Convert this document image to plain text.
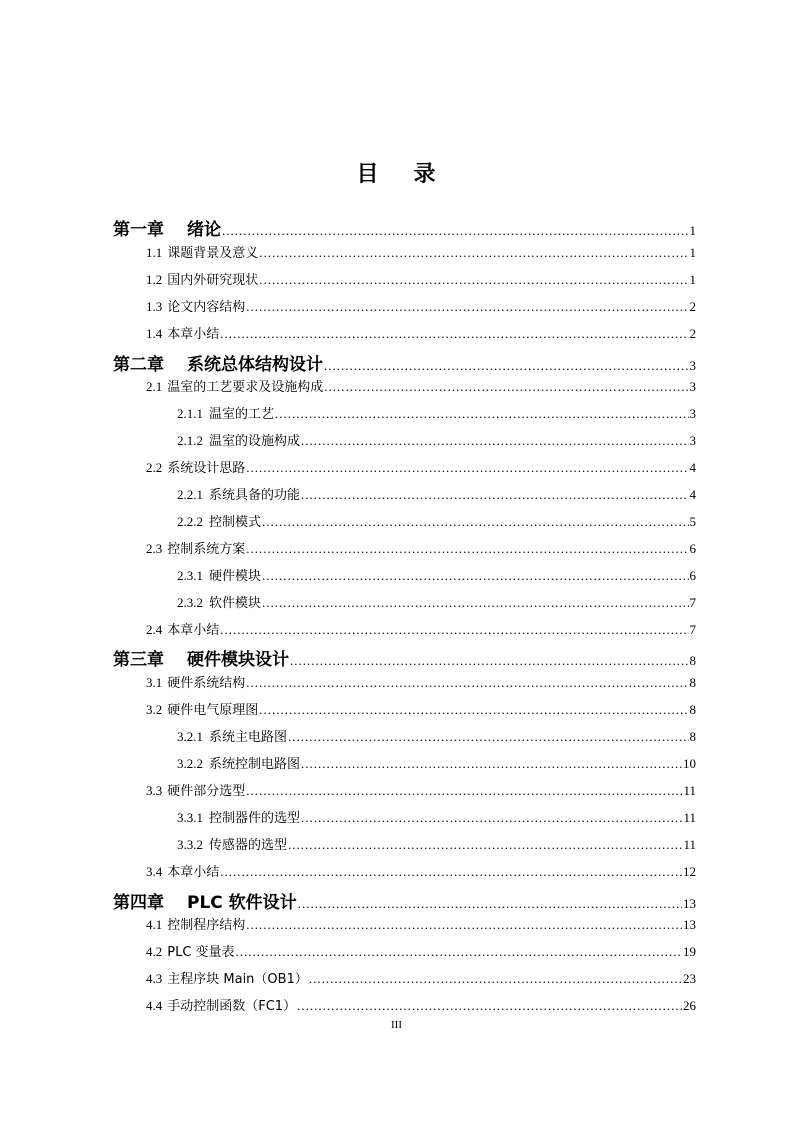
目 录
第一章	绪论 .....	1
1.1 课题背景及意义 .....	1
1.2 国内外研究现状 .....	1
1.3 论文内容结构 .....	2
1.4 本章小结 .....	2
第二章	系统总体结构设计 .....	3
2.1 温室的工艺要求及设施构成 .....	3
2.1.1 温室的工艺 .....	3
2.1.2 温室的设施构成 .....	3
2.2 系统设计思路 .....	4
2.2.1 系统具备的功能 .....	4
2.2.2 控制模式 .....	5
2.3 控制系统方案 .....	6
2.3.1 硬件模块 .....	6
2.3.2 软件模块 .....	7
2.4 本章小结 .....	7
第三章	硬件模块设计 .....	8
3.1 硬件系统结构 .....	8
3.2 硬件电气原理图 .....	8
3.2.1 系统主电路图 .....	8
3.2.2 系统控制电路图 .....	10
3.3 硬件部分选型 .....	11
3.3.1 控制器件的选型 .....	11
3.3.2 传感器的选型 .....	11
3.4 本章小结 .....	12
第四章	PLC 软件设计 .....	13
4.1 控制程序结构 .....	13
4.2 PLC 变量表 .....	19
4.3 主程序块 Main（OB1） .....	23
4.4 手动控制函数（FC1） .....	26
III
